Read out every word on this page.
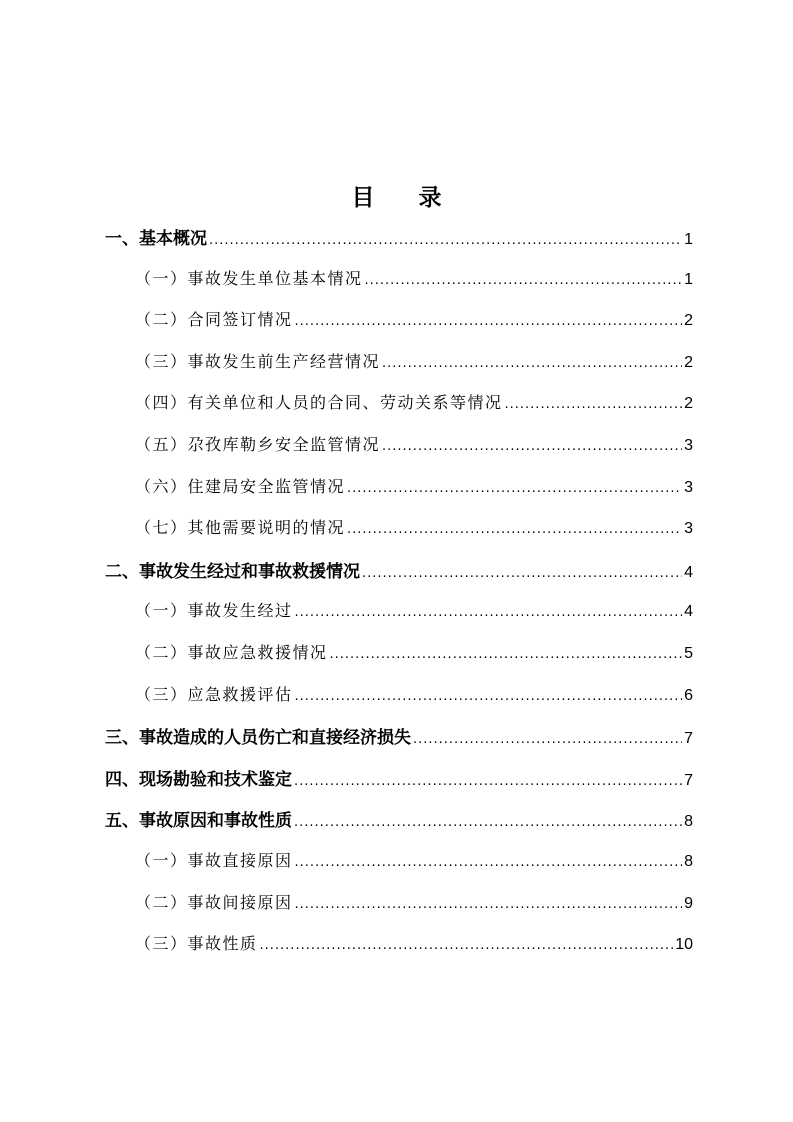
目 录
一、基本概况 .....	1
（一）事故发生单位基本情况 .....	1
（二）合同签订情况 .....	2
（三）事故发生前生产经营情况 .....	2
（四）有关单位和人员的合同、劳动关系等情况 .....	2
（五）尕孜库勒乡安全监管情况 .....	3
（六）住建局安全监管情况 .....	3
（七）其他需要说明的情况 .....	3
二、事故发生经过和事故救援情况 .....	4
（一）事故发生经过 .....	4
（二）事故应急救援情况 .....	5
（三）应急救援评估 .....	6
三、事故造成的人员伤亡和直接经济损失 .....	7
四、现场勘验和技术鉴定 .....	7
五、事故原因和事故性质 .....	8
（一）事故直接原因 .....	8
（二）事故间接原因 .....	9
（三）事故性质 .....	10
